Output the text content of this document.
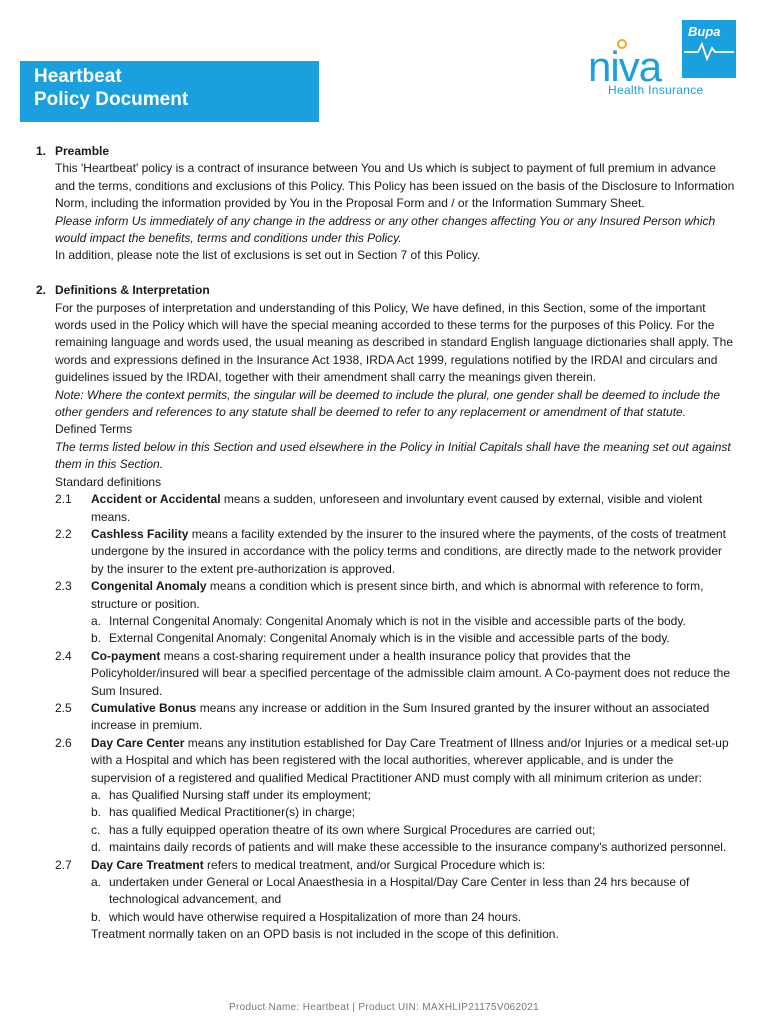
Heartbeat
Policy Document
niva
Bupa
Health Insurance
1. Preamble

This 'Heartbeat' policy is a contract of insurance between You and Us which is subject to payment of full premium in advance and the terms, conditions and exclusions of this Policy. This Policy has been issued on the basis of the Disclosure to Information Norm, including the information provided by You in the Proposal Form and / or the Information Summary Sheet.

Please inform Us immediately of any change in the address or any other changes affecting You or any Insured Person which would impact the benefits, terms and conditions under this Policy.

In addition, please note the list of exclusions is set out in Section 7 of this Policy.

2. Definitions & Interpretation

For the purposes of interpretation and understanding of this Policy, We have defined, in this Section, some of the important words used in the Policy which will have the special meaning accorded to these terms for the purposes of this Policy. For the remaining language and words used, the usual meaning as described in standard English language dictionaries shall apply. The words and expressions defined in the Insurance Act 1938, IRDA Act 1999, regulations notified by the IRDAI and circulars and guidelines issued by the IRDAI, together with their amendment shall carry the meanings given therein.

Note: Where the context permits, the singular will be deemed to include the plural, one gender shall be deemed to include the other genders and references to any statute shall be deemed to refer to any replacement or amendment of that statute.

Defined Terms

The terms listed below in this Section and used elsewhere in the Policy in Initial Capitals shall have the meaning set out against them in this Section.

Standard definitions

2.1	Accident or Accidental means a sudden, unforeseen and involuntary event caused by external, visible and violent means.
2.2	Cashless Facility means a facility extended by the insurer to the insured where the payments, of the costs of treatment undergone by the insured in accordance with the policy terms and conditions, are directly made to the network provider by the insurer to the extent pre-authorization is approved.
2.3	Congenital Anomaly means a condition which is present since birth, and which is abnormal with reference to form, structure or position.
a. Internal Congenital Anomaly: Congenital Anomaly which is not in the visible and accessible parts of the body.
b. External Congenital Anomaly: Congenital Anomaly which is in the visible and accessible parts of the body.
2.4	Co-payment means a cost-sharing requirement under a health insurance policy that provides that the Policyholder/insured will bear a specified percentage of the admissible claim amount. A Co-payment does not reduce the Sum Insured.
2.5	Cumulative Bonus means any increase or addition in the Sum Insured granted by the insurer without an associated increase in premium.
2.6	Day Care Center means any institution established for Day Care Treatment of Illness and/or Injuries or a medical set-up with a Hospital and which has been registered with the local authorities, wherever applicable, and is under the supervision of a registered and qualified Medical Practitioner AND must comply with all minimum criterion as under:
a. has Qualified Nursing staff under its employment;
b. has qualified Medical Practitioner(s) in charge;
c. has a fully equipped operation theatre of its own where Surgical Procedures are carried out;
d. maintains daily records of patients and will make these accessible to the insurance company's authorized personnel.
2.7	Day Care Treatment refers to medical treatment, and/or Surgical Procedure which is:
a. undertaken under General or Local Anaesthesia in a Hospital/Day Care Center in less than 24 hrs because of technological advancement, and
b. which would have otherwise required a Hospitalization of more than 24 hours.
Treatment normally taken on an OPD basis is not included in the scope of this definition.
Product Name: Heartbeat | Product UIN: MAXHLIP21175V062021
